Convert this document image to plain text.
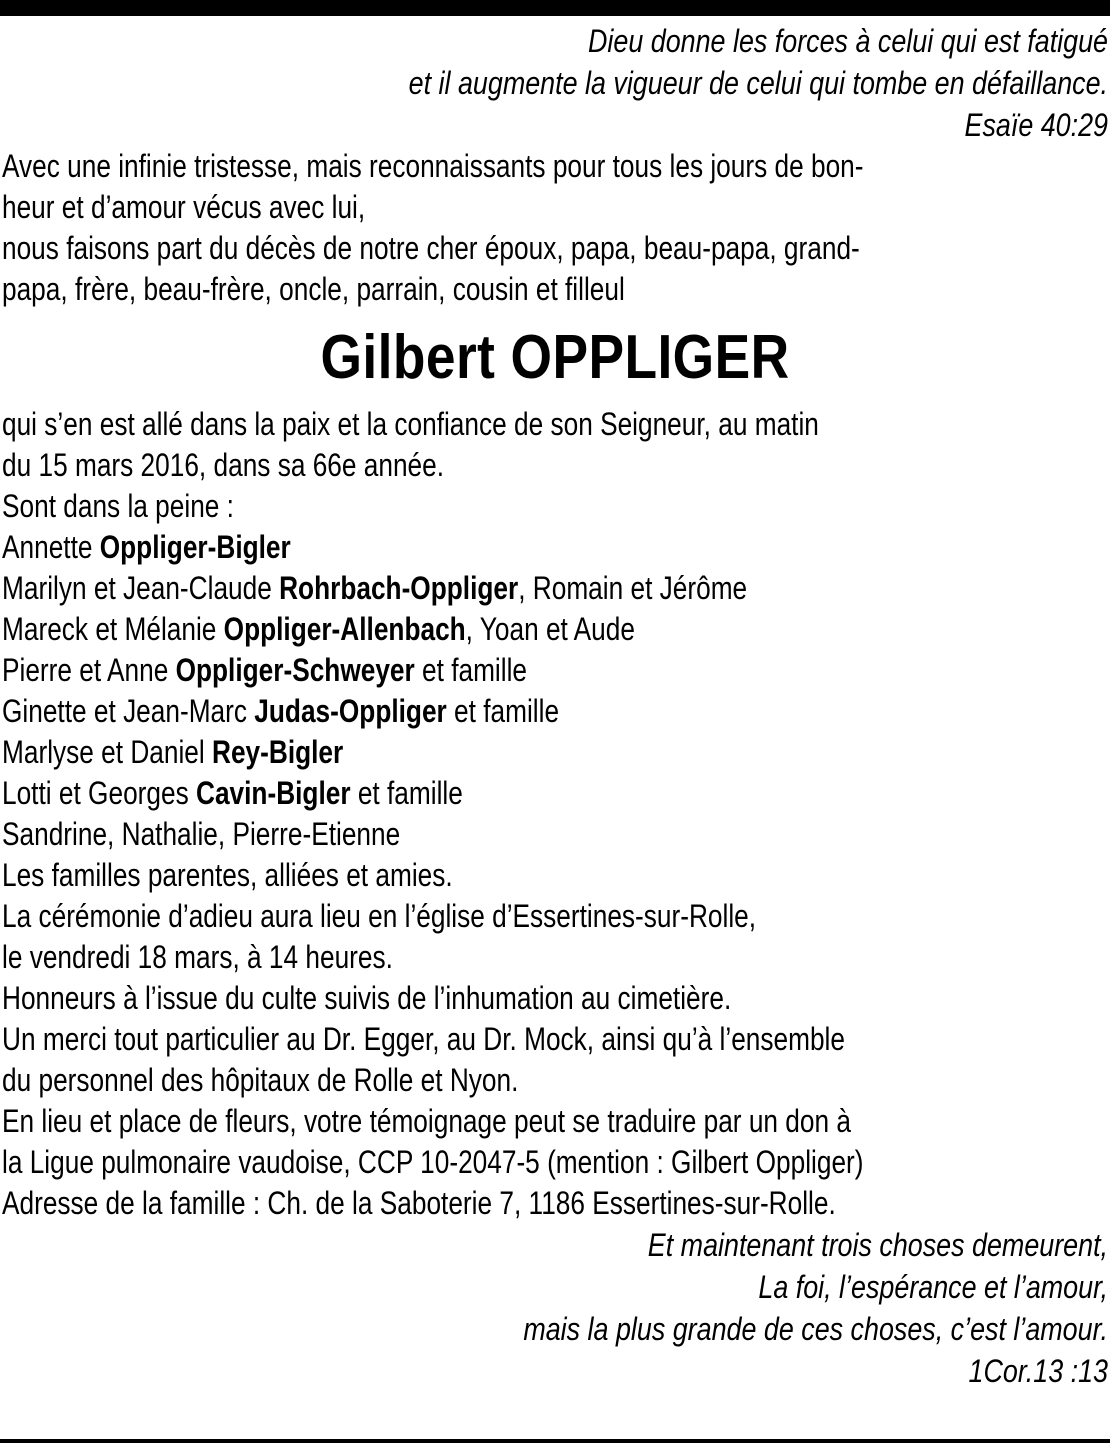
Dieu donne les forces à celui qui est fatigué
et il augmente la vigueur de celui qui tombe en défaillance.
Esaïe 40:29
Avec une infinie tristesse, mais reconnaissants pour tous les jours de bon-
heur et d’amour vécus avec lui,
nous faisons part du décès de notre cher époux, papa, beau-papa, grand-
papa, frère, beau-frère, oncle, parrain, cousin et filleul
Gilbert OPPLIGER
qui s’en est allé dans la paix et la confiance de son Seigneur, au matin
du 15 mars 2016, dans sa 66e année.
Sont dans la peine :
Annette Oppliger-Bigler
Marilyn et Jean-Claude Rohrbach-Oppliger, Romain et Jérôme
Mareck et Mélanie Oppliger-Allenbach, Yoan et Aude
Pierre et Anne Oppliger-Schweyer et famille
Ginette et Jean-Marc Judas-Oppliger et famille
Marlyse et Daniel Rey-Bigler
Lotti et Georges Cavin-Bigler et famille
Sandrine, Nathalie, Pierre-Etienne
Les familles parentes, alliées et amies.
La cérémonie d’adieu aura lieu en l’église d’Essertines-sur-Rolle,
le vendredi 18 mars, à 14 heures.
Honneurs à l’issue du culte suivis de l’inhumation au cimetière.
Un merci tout particulier au Dr. Egger, au Dr. Mock, ainsi qu’à l’ensemble
du personnel des hôpitaux de Rolle et Nyon.
En lieu et place de fleurs, votre témoignage peut se traduire par un don à
la Ligue pulmonaire vaudoise, CCP 10-2047-5 (mention : Gilbert Oppliger)
Adresse de la famille : Ch. de la Saboterie 7, 1186 Essertines-sur-Rolle.
Et maintenant trois choses demeurent,
La foi, l’espérance et l’amour,
mais la plus grande de ces choses, c’est l’amour.
1Cor.13 :13
